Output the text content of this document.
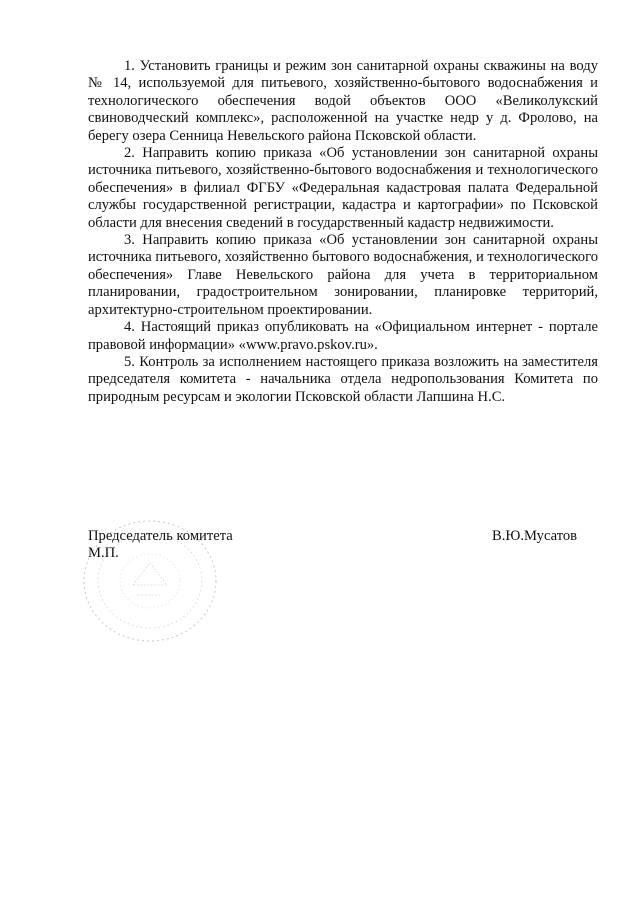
1. Установить границы и режим зон санитарной охраны скважины на воду № 14, используемой для питьевого, хозяйственно-бытового водоснабжения и технологического обеспечения водой объектов ООО «Великолукский свиноводческий комплекс», расположенной на участке недр у д. Фролово, на берегу озера Сенница Невельского района Псковской области.

2. Направить копию приказа «Об установлении зон санитарной охраны источника питьевого, хозяйственно-бытового водоснабжения и технологического обеспечения» в филиал ФГБУ «Федеральная кадастровая палата Федеральной службы государственной регистрации, кадастра и картографии» по Псковской области для внесения сведений в государственный кадастр недвижимости.

3. Направить копию приказа «Об установлении зон санитарной охраны источника питьевого, хозяйственно бытового водоснабжения, и технологического обеспечения» Главе Невельского района для учета в территориальном планировании, градостроительном зонировании, планировке территорий, архитектурно-строительном проектировании.

4. Настоящий приказ опубликовать на «Официальном интернет - портале правовой информации» «www.pravo.pskov.ru».

5. Контроль за исполнением настоящего приказа возложить на заместителя председателя комитета - начальника отдела недропользования Комитета по природным ресурсам и экологии Псковской области Лапшина Н.С.

Председатель комитета
М.П.
В.Ю.Мусатов
